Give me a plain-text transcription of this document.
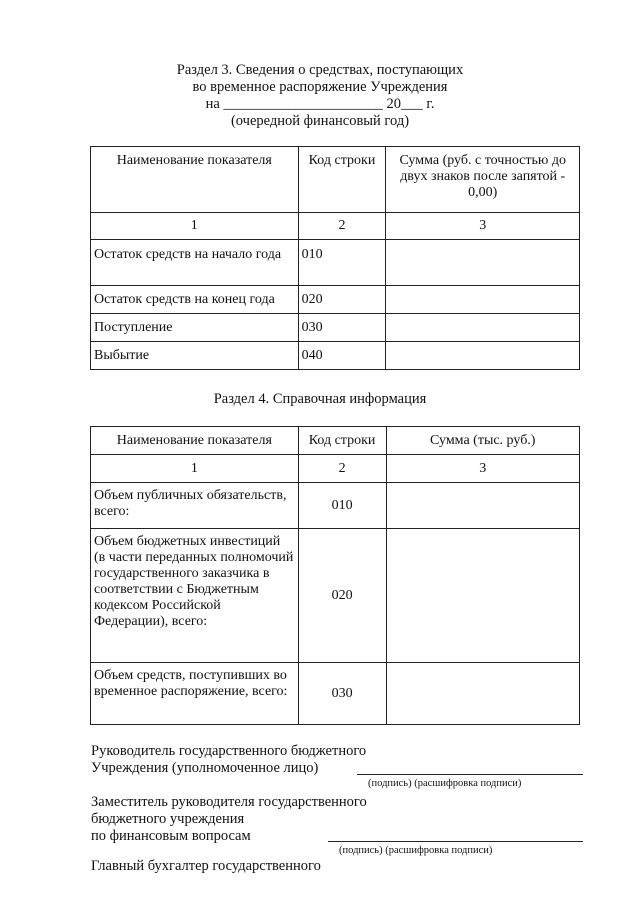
Раздел 3. Сведения о средствах, поступающих
во временное распоряжение Учреждения
на ______________________ 20___ г.
(очередной финансовый год)
Наименование показателя	Код строки	Сумма (руб. с точностью до двух знаков после запятой - 0,00)
1	2	3
Остаток средств на начало года	010	
Остаток средств на конец года	020	
Поступление	030	
Выбытие	040	
Раздел 4. Справочная информация
Наименование показателя	Код строки	Сумма (тыс. руб.)
1	2	3
Объем публичных обязательств, всего:	010	
Объем бюджетных инвестиций (в части переданных полномочий государственного заказчика в соответствии с Бюджетным кодексом Российской Федерации), всего:	020	
Объем средств, поступивших во временное распоряжение, всего:	030	
Руководитель государственного бюджетного
Учреждения (уполномоченное лицо)
(подпись) (расшифровка подписи)
Заместитель руководителя государственного
бюджетного учреждения
по финансовым вопросам
(подпись) (расшифровка подписи)
Главный бухгалтер государственного
